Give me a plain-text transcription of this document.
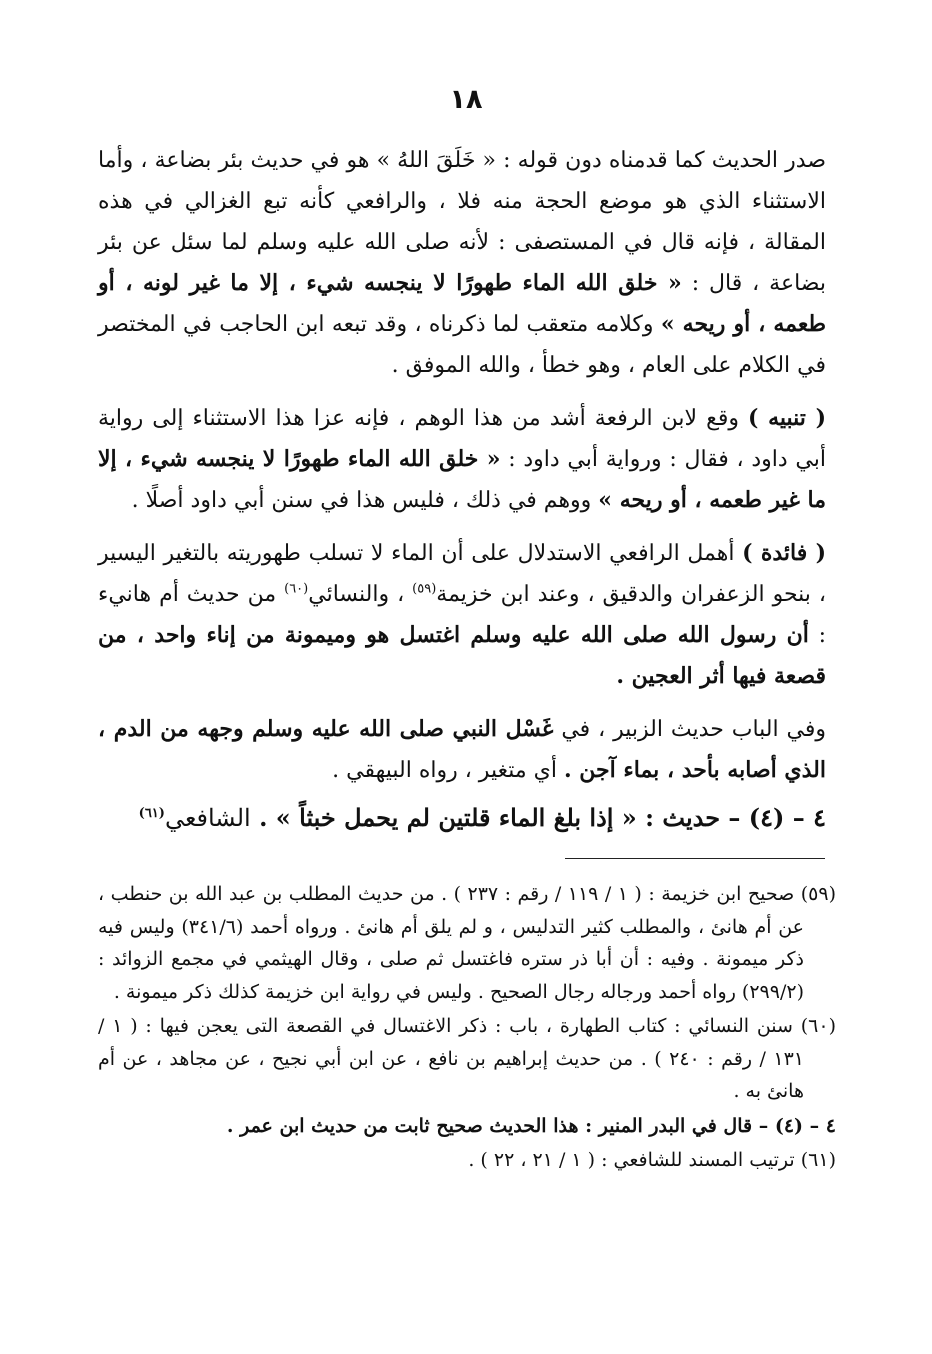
١٨

صدر الحديث كما قدمناه دون قوله : « خَلَقَ اللهُ » هو في حديث بئر بضاعة ، وأما الاستثناء الذي هو موضع الحجة منه فلا ، والرافعي كأنه تبع الغزالي في هذه المقالة ، فإنه قال في المستصفى : لأنه صلى الله عليه وسلم لما سئل عن بئر بضاعة ، قال : « خلق الله الماء طهورًا لا ينجسه شيء ، إلا ما غير لونه ، أو طعمه ، أو ريحه » وكلامه متعقب لما ذكرناه ، وقد تبعه ابن الحاجب في المختصر في الكلام على العام ، وهو خطأ ، والله الموفق .

( تنبيه ) وقع لابن الرفعة أشد من هذا الوهم ، فإنه عزا هذا الاستثناء إلى رواية أبي داود ، فقال : وروایة أبي داود : « خلق الله الماء طهورًا لا ينجسه شيء ، إلا ما غير طعمه ، أو ريحه » ووهم في ذلك ، فليس هذا في سنن أبي داود أصلًا .

( فائدة ) أهمل الرافعي الاستدلال على أن الماء لا تسلب طهوريته بالتغير اليسير ، بنحو الزعفران والدقيق ، وعند ابن خزيمة$^{(٥٩)}$ ، والنسائي$^{(٦٠)}$ من حديث أم هانيء : أن رسول الله صلى الله عليه وسلم اغتسل هو وميمونة من إناء واحد ، من قصعة فيها أثر العجين .

وفي الباب حديث الزبير ، في غَسْل النبي صلى الله عليه وسلم وجهه من الدم ، الذي أصابه بأحد ، بماء آجن . أي متغير ، رواه البيهقي .

٤ – (٤) – حديث : « إذا بلغ الماء قلتين لم يحمل خبثاً » . الشافعي$^{(٦١)}$

(٥٩) صحيح ابن خزيمة : ( ١ / ١١٩ / رقم : ٢٣٧ ) . من حديث المطلب بن عبد الله بن حنطب ، عن أم هانئ ، والمطلب كثير التدليس ، و لم يلق أم هانئ . ورواه أحمد (٣٤١/٦) وليس فيه ذكر ميمونة . وفيه : أن أبا ذر ستره فاغتسل ثم صلى ، وقال الهيثمي في مجمع الزوائد : (٢٩٩/٢) رواه أحمد ورجاله رجال الصحيح . وليس في رواية ابن خزيمة كذلك ذكر ميمونة .

(٦٠) سنن النسائي : كتاب الطهارة ، باب : ذكر الاغتسال في القصعة التى يعجن فيها : ( ١ / ١٣١ / رقم : ٢٤٠ ) . من حديث إبراهيم بن نافع ، عن ابن أبي نجيح ، عن مجاهد ، عن أم هانئ به .

٤ – (٤) – قال في البدر المنير : هذا الحديث صحيح ثابت من حديث ابن عمر .

(٦١) ترتيب المسند للشافعي : ( ١ / ٢١ ، ٢٢ ) .
